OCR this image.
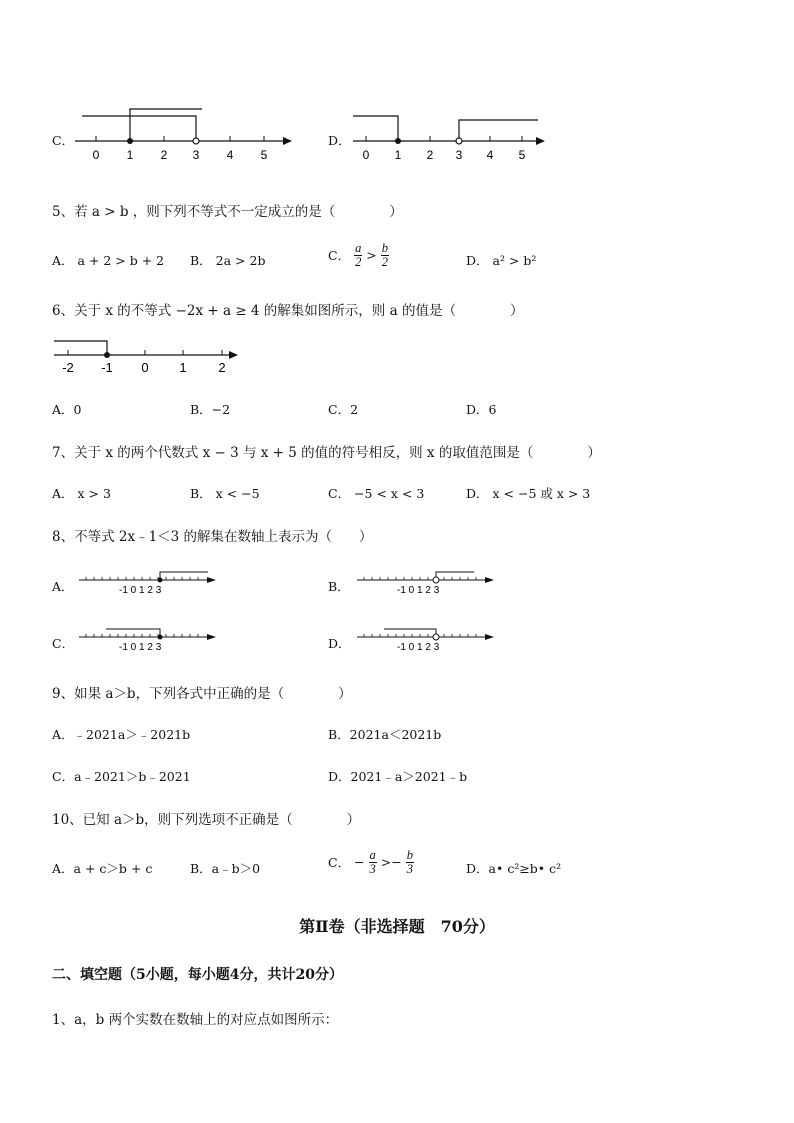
C．
0 1 2 3 4 5
D．
0 1 2 3 4 5
5、若 a > b ，则下列不等式不一定成立的是（　　　　）
A． a + 2 > b + 2 B． 2a > 2b	C． $\frac{a}{2} > \frac{b}{2}$	D． a² > b²
6、关于 x 的不等式 −2x + a ≥ 4 的解集如图所示，则 a 的值是（　　　　）
-2 -1 0 1 2
A．0	B．−2	C．2	D．6
7、关于 x 的两个代数式 x − 3 与 x + 5 的值的符号相反，则 x 的取值范围是（　　　　）
A． x > 3	B． x < −5	C． −5 < x < 3	D． x < −5 或 x > 3
8、不等式 2x﹣1＜3 的解集在数轴上表示为（　　）
A．	-1 0 1 2 3	B．	-1 0 1 2 3
C．	-1 0 1 2 3	D．	-1 0 1 2 3
9、如果 a＞b，下列各式中正确的是（　　　　）
A．﹣2021a＞﹣2021b	B．2021a＜2021b
C．a﹣2021＞b﹣2021	D．2021﹣a＞2021﹣b
10、已知 a＞b，则下列选项不正确是（　　　　）
A．a + c＞b + c	B．a﹣b＞0	C． − $\frac{a}{3} >- \frac{b}{3}$	D．a• c²≥b• c²
第Ⅱ卷（非选择题　70分）
二、填空题（5小题，每小题4分，共计20分）
1、a，b 两个实数在数轴上的对应点如图所示：
